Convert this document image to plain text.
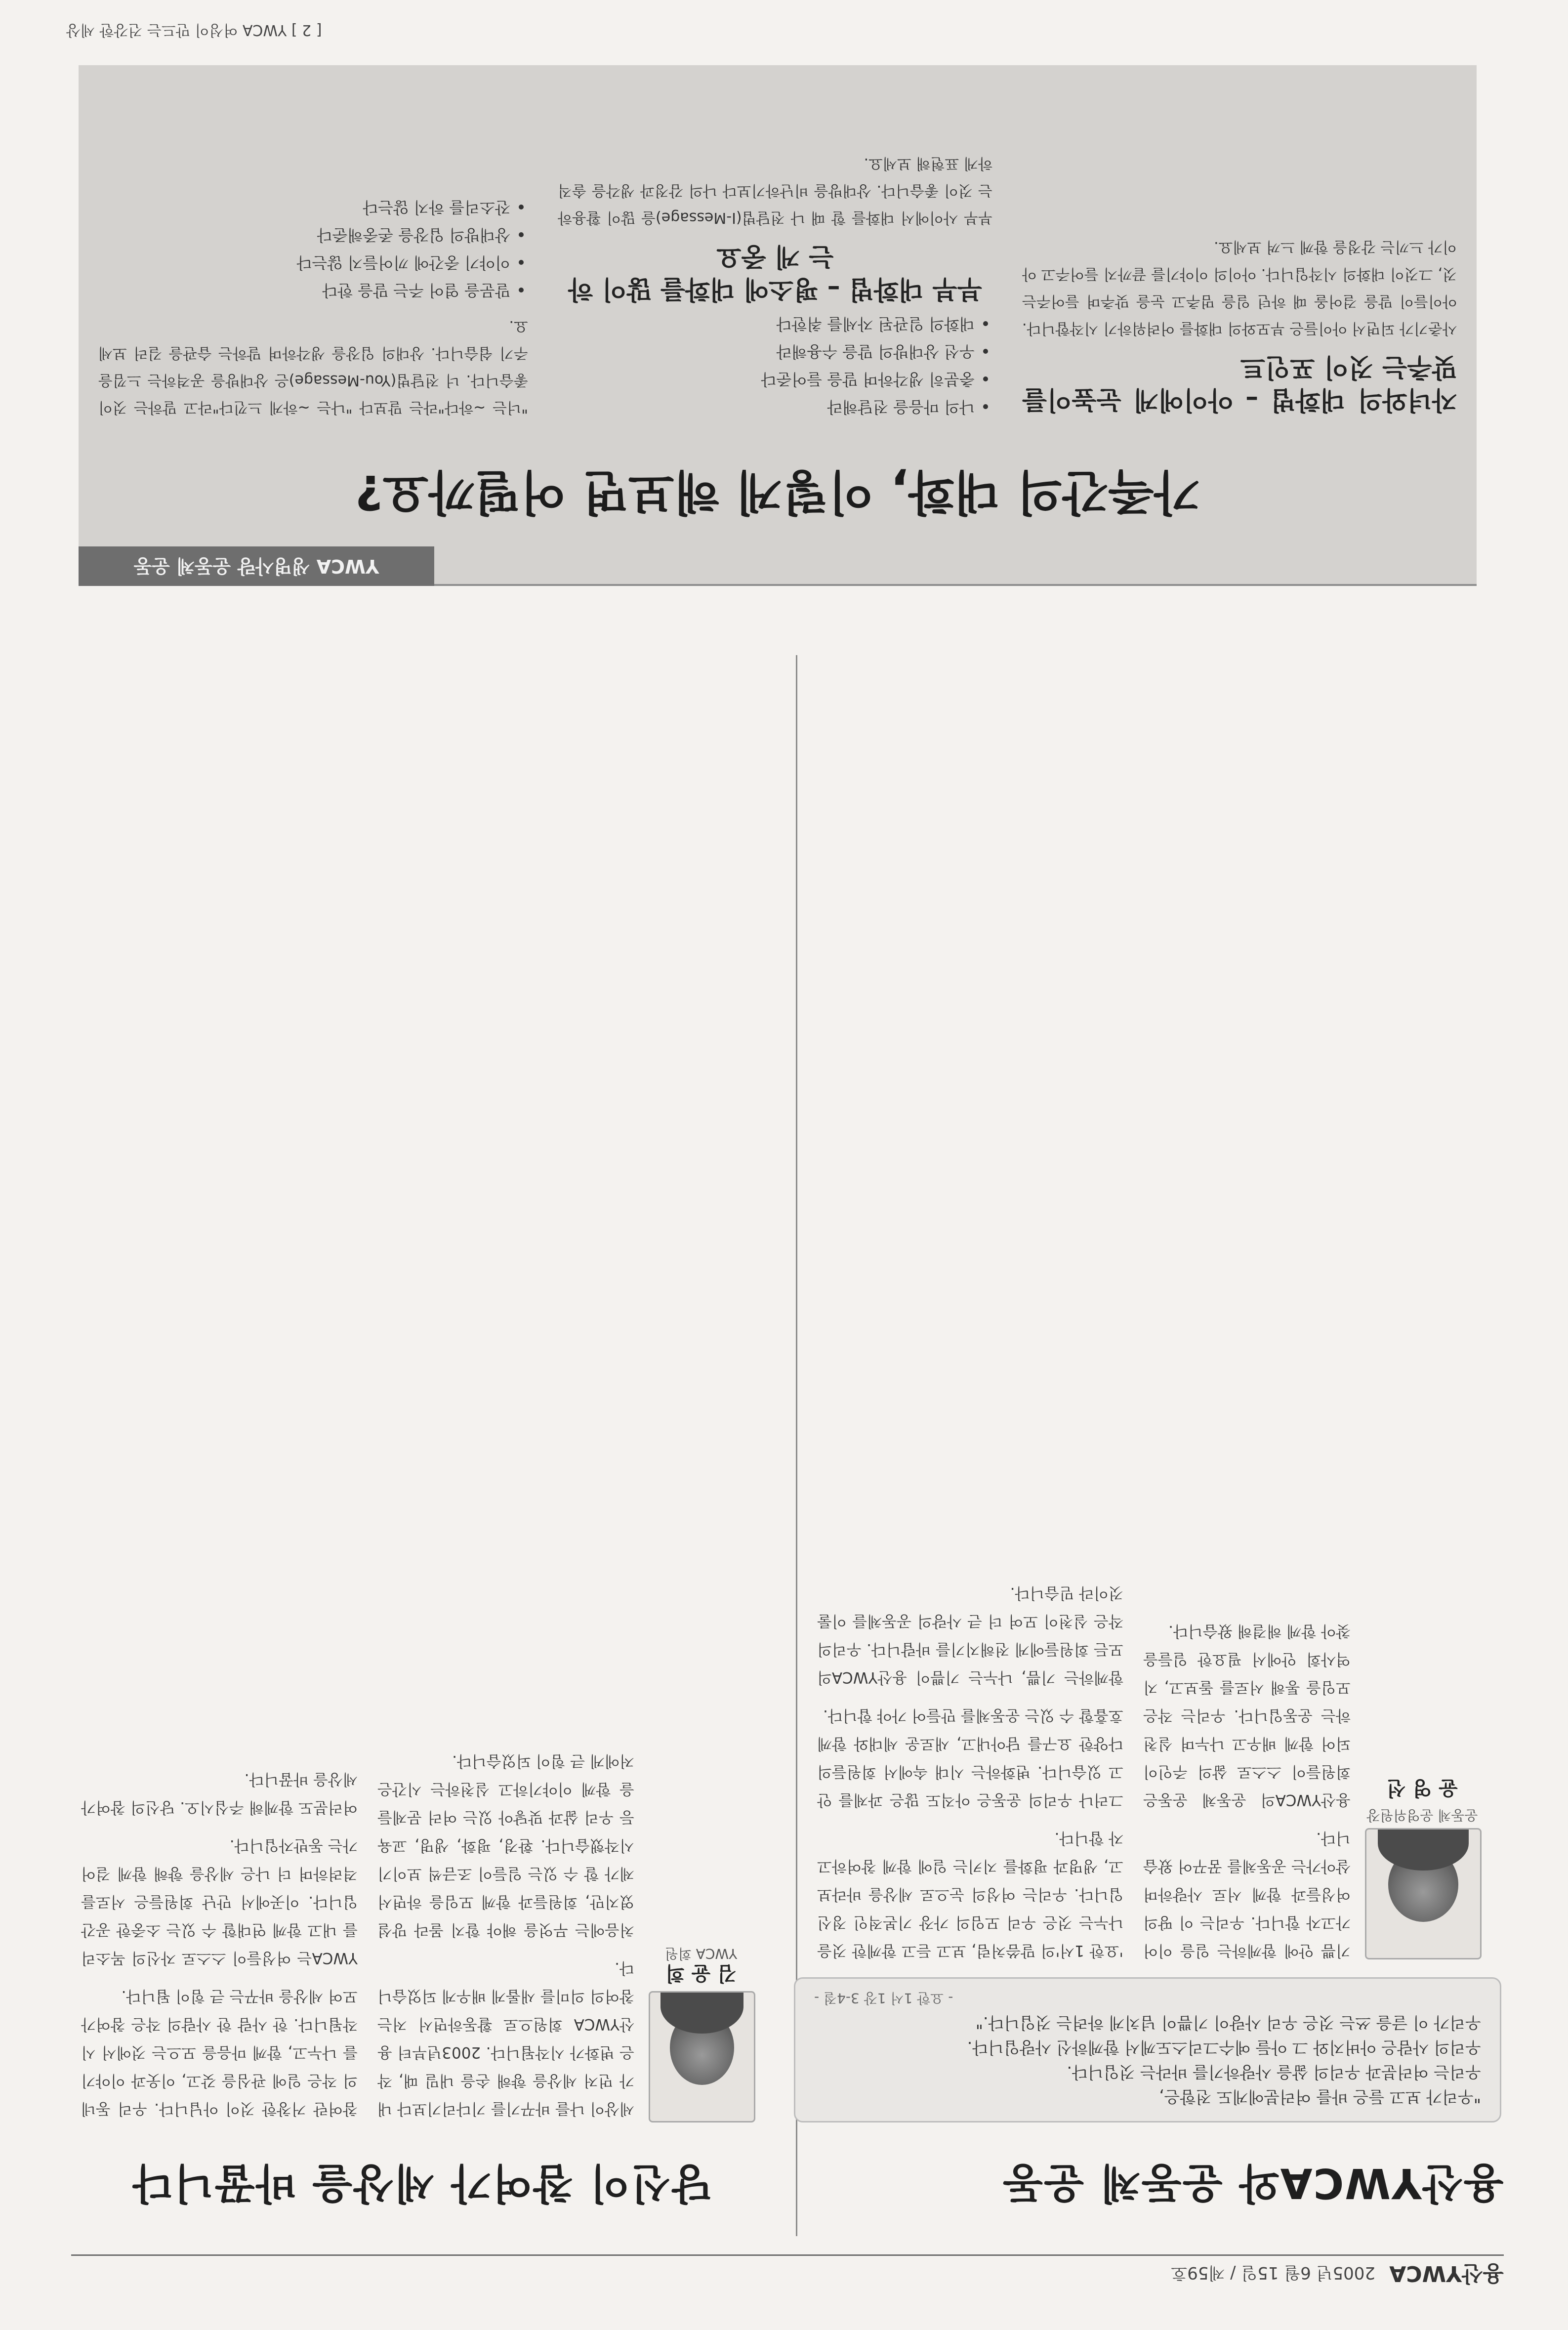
용산YWCA
2005년 6월 15일 / 제59호
용산YWCA와 운동체 운동
"우리가 보고 들은 바를 여러분에게도 전함은,
우리는 여러분과 우리의 삶을 사랑하기를 바라는 것입니다.
우리의 사람은 아버지와 그 아들 예수그리스도께서 함께하신 사랑입니다.
우리가 이 글을 쓰는 것은 우리 사랑이 기쁨이 넘치게 하려는 것입니다."
- 요한 1서 1장 3-4절 -
운동체 운영위원장
윤 영 선

기쁨 안에 함께하는 일을 이어가고자 합니다. 우리는 이 땅의 여성들과 함께 서로 사랑하며 살아가는 공동체를 꿈꾸어 왔습니다.

용산YWCA의 운동체 운동은 회원들이 스스로 삶의 주인이 되어 함께 배우고 나누며 실천하는 운동입니다. 우리는 작은 모임을 통해 서로를 돌보고, 지역사회 안에서 필요한 일들을 찾아 함께 해결해 왔습니다.

'요한 1서'의 말씀처럼, 보고 듣고 함께한 것을 나누는 것은 우리 모임의 가장 기본적인 정신입니다. 우리는 여성의 눈으로 세상을 바라보고, 생명과 평화를 지키는 일에 함께 참여하고자 합니다.

그러나 우리의 운동은 아직도 많은 과제를 안고 있습니다. 변화하는 시대 속에서 회원들의 다양한 요구를 담아내고, 새로운 세대와 함께 호흡할 수 있는 운동체를 만들어 가야 합니다.

함께하는 기쁨, 나누는 기쁨이 용산YWCA의 모든 회원들에게 전해지기를 바랍니다. 우리의 작은 실천이 모여 더 큰 사랑의 공동체를 이룰 것이라 믿습니다.

당신이 참여가 세상을 바꿉니다
김 윤 희
YWCA 회원

세상이 나를 바꾸기를 기다리기보다 내가 먼저 세상을 향해 손을 내밀 때, 작은 변화가 시작됩니다. 2003년부터 용산YWCA 회원으로 활동하면서 저는 참여의 의미를 새롭게 배우게 되었습니다.

처음에는 무엇을 해야 할지 몰라 망설였지만, 회원들과 함께 모임을 하면서 제가 할 수 있는 일들이 조금씩 보이기 시작했습니다. 환경, 평화, 생명, 교육 등 우리 삶과 맞닿아 있는 여러 문제들을 함께 이야기하고 실천하는 시간은 저에게 큰 힘이 되었습니다.

참여란 거창한 것이 아닙니다. 우리 동네의 작은 일에 관심을 갖고, 이웃과 이야기를 나누고, 함께 마음을 모으는 것에서 시작됩니다. 한 사람 한 사람의 작은 참여가 모여 세상을 바꾸는 큰 힘이 됩니다.

YWCA는 여성들이 스스로 자신의 목소리를 내고 함께 연대할 수 있는 소중한 공간입니다. 이곳에서 만난 회원들은 서로를 격려하며 더 나은 세상을 향해 함께 걸어가는 동반자입니다.

여러분도 함께해 주십시오. 당신의 참여가 세상을 바꿉니다.

YWCA 생명사랑 운동체 운동
가족간의 대화, 이렇게 해보면 어떨까요?
자녀와의 대화법 – 아이에게 눈높이를 맞추는 것이 포인트
사춘기가 되면서 아이들은 부모와의 대화를 어려워하기 시작합니다. 아이들이 말을 걸어올 때 하던 일을 멈추고 눈을 맞추며 들어주는 것, 그것이 대화의 시작입니다. 아이의 이야기를 끝까지 들어주고 아이가 느끼는 감정을 함께 느껴 보세요.
• 나의 마음을 전달해라
• 충분히 생각하며 말을 들어준다
• 우선 상대방의 말을 수용해라
• 대화의 일관된 자세를 취한다
부부 대화법 – 평소에 대화를 많이 하는 게 중요
부부 사이에서 대화를 할 때 나 전달법(I-Message)을 많이 활용하는 것이 좋습니다. 상대방을 비난하기보다 나의 감정과 생각을 솔직하게 표현해 보세요.
"너는 ~하다"라는 말보다 "나는 ~하게 느낀다"라고 말하는 것이 좋습니다. 너 전달법(You-Message)은 상대방을 공격하는 느낌을 주기 쉽습니다. 상대의 입장을 생각하며 말하는 습관을 길러 보세요.
• 말문을 열어 주는 말을 한다
• 이야기 중간에 끼어들지 않는다
• 상대방의 입장을 존중해준다
• 잔소리를 하지 않는다
[ 2 ] YWCA 여성이 만드는 건강한 세상
